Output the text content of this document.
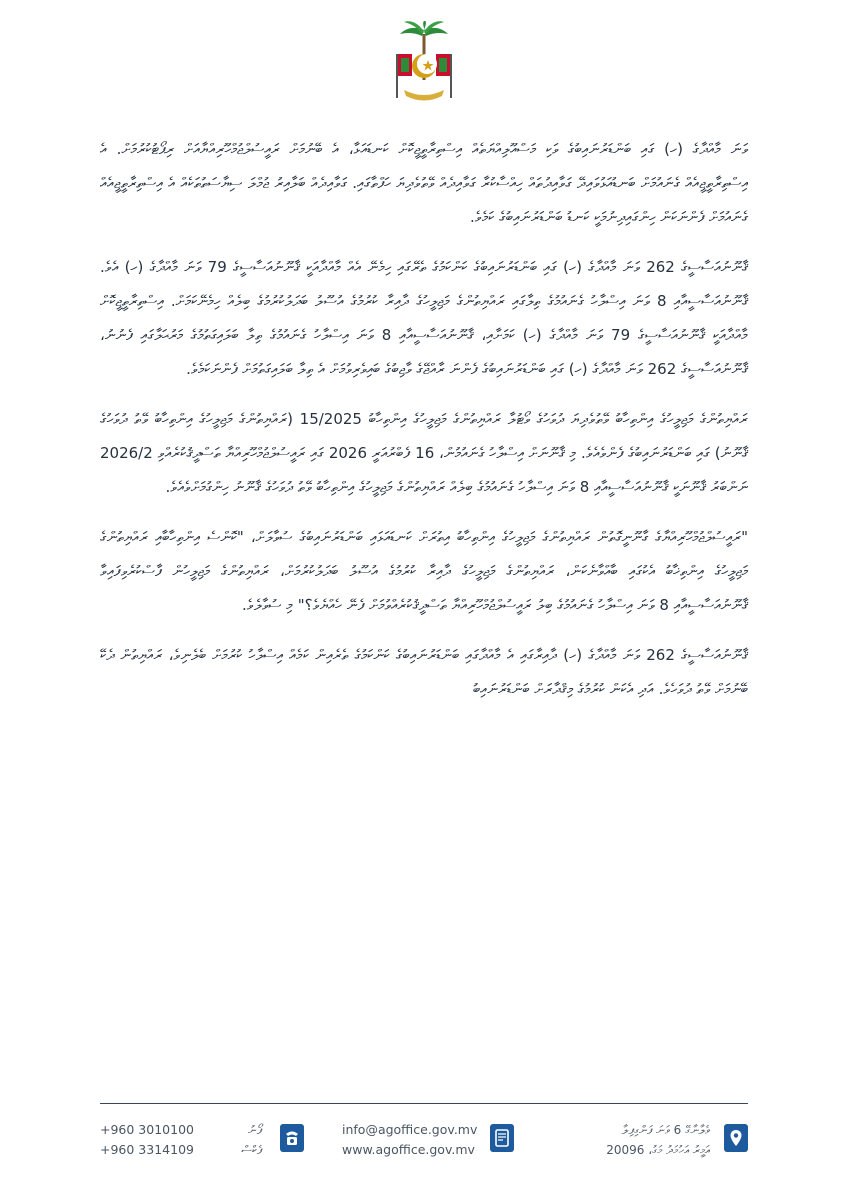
ވަނަ މާއްދާގެ (ހ) ގައި ބަންޑަރުނައިބުގެ ވަކި މަސްއޫލިއްޔަތެއް އިސްތިރާތީޖީކޮށް ކަނޑައަޅާ، އެ ބޭނުމަށް ރައީސުލްޖުމްހޫރިއްޔާއަށް ރިޕޯޓުކުރުމަށް. އެ އިސްތިރާތީޖީއެއް ގެނައުމަށް ބަނޑުއަޅުވައިދޭ ގަވާއިދުތައް ހިއްސާކުރާ ގަވާއިދެއް ވޭތުވެދިޔަ ހަފްތާގައި. ގަވާއިދެއް ބަލާއިރު ޖުމްލަ ސިޔާސަތުތަކެއް އެ އިސްތިރާތީޖީއެއް ގެނައުމަށް ފެންނަކަން ހިންގައިދިނުމަކީ ކަނޑު ބަންޑަރުނައިބުގެ ކަމެވެ.

ޤާނޫނުއަސާސީގެ 262 ވަނަ މާއްދާގެ (ހ) ގައި ބަންޑަރުނައިބުގެ ކަންކަމުގެ ތެރޭގައި ހިމެނޭ އެއް މާއްދާއަކީ ޤާނޫނުއަސާސީގެ 79 ވަނަ މާއްދާގެ (ހ) އެވެ. ޤާނޫނުއަސާސީއާއި 8 ވަނަ އިސްލާހު ގެނައުމުގެ ތިލާގައި ރައްޔިތުންގެ މަޖިލީހުގެ ދާއިރާ ކުރުމުގެ އުސޫލު ބަދަލުކުރުމުގެ ބިލެއް ހިމެނޭކަމަށް. އިސްތިރާތީޖީކޮށް މާއްދާއަކީ ޤާނޫނުއަސާސީގެ 79 ވަނަ މާއްދާގެ (ހ) ކަމަށާއި، ޤާނޫނުއަސާސީއާއި 8 ވަނަ އިސްލާހު ގެނައުމުގެ ތިލާ ބަލައިގަތުމުގެ މަރުޙަލާގައި ފެނުނު، ޤާނޫނުއަސާސީގެ 262 ވަނަ މާއްދާގެ (ހ) ގައި ބަންޑަރުނައިބުގެ ފެންނަ ރާއްޖޭގެ ވާޖިބުގެ ބައިވެރިވުމަށް އެ ތިލާ ބަލައިގަތުމަށް ފެންނަކަމެވެ.

ރައްޔިތުންގެ މަޖިލީހުގެ އިންތިހާބު ވޭތުވެދިޔަ ދުވަހުގެ ވޯޓުލާ ރައްޔިތުންގެ މަޖިލީހުގެ އިންތިހާބު 15/2025 (ރައްޔިތުންގެ މަޖިލީހުގެ އިންތިހާބު ވޭތު ދުވަހުގެ ޤާނޫނު) ގައި ބަންޑަރުނައިބުގެ ފެންވެއެވެ. މި ޤާނޫނަށް އިސްލާހު ގެނައުމުން، 16 ފެބްރުއަރީ 2026 ގައި ރައީސުލްޖުމްހޫރިއްޔާ ތަސްދީޤުކުރެއްވި 2026/2 ނަންބަރު ޤާނޫނަކީ ޤާނޫނުއަސާސީއާއި 8 ވަނަ އިސްލާހު ގެނައުމުގެ ބިލެއް ރައްޔިތުންގެ މަޖިލީހުގެ އިންތިހާބު ވޭތު ދުވަހުގެ ޤާނޫނު ހިންގުމަށްވެއެވެ.

"ރައީސުލްޖުމްހޫރިއްޔާގެ ގާނޫނީގޮތުން ރައްޔިތުންގެ މަޖިލީހުގެ އިންތިހާބު އިތުރަށް ކަނޑައަޅައި ބަންޑަރުނައިބުގެ ސުވާލަށް، "ކޮންސެ އިންތިހާބާއި ރައްޔިތުންގެ މަޖިލީހުގެ އިންތިޚާބު އެކުގައި ބާއްވާނެކަން، ރައްޔިތުންގެ މަޖިލީހުގެ ދާއިރާ ކުރުމުގެ އުސޫލު ބަދަލުކުރުމަށް، ރައްޔިތުންގެ މަޖިލީހުން ފާސްކުރެވިފައިވާ ޤާނޫނުއަސާސީއާއި 8 ވަނަ އިސްލާހު ގެނައުމުގެ ބިލު ރައީސުލްޖުމްހޫރިއްޔާ ތަސްދީޤުކުރެއްވުމަށް ފެނޭ ހެއްޔެވެ؟" މި ސުވާލެވެ.

ޤާނޫނުއަސާސީގެ 262 ވަނަ މާއްދާގެ (ހ) ދާއިރާގައި އެ މާއްދާގައި ބަންޑަރުނައިބުގެ ކަންކަމުގެ ތެރެއިން ކަމެއް އިސްލާހު ކުރުމަށް ބެލެނިވެ، ރައްޔިތުން ދެކޭ ބޭނުމަށް ވޭތު ދުވަހެވެ. އަދި އެކަން ކުރުމުގެ މިޤްދާރަށް ބަންޑަރުނައިބު

+960 3010100
+960 3314109
ފޯނު
ފެކްސް
info@agoffice.gov.mv
www.agoffice.gov.mv
ވެލާނާގޭ 6 ވަނަ ފަންގިފިލާ
އަމީރު އަހުމަދު މަގު، 20096
